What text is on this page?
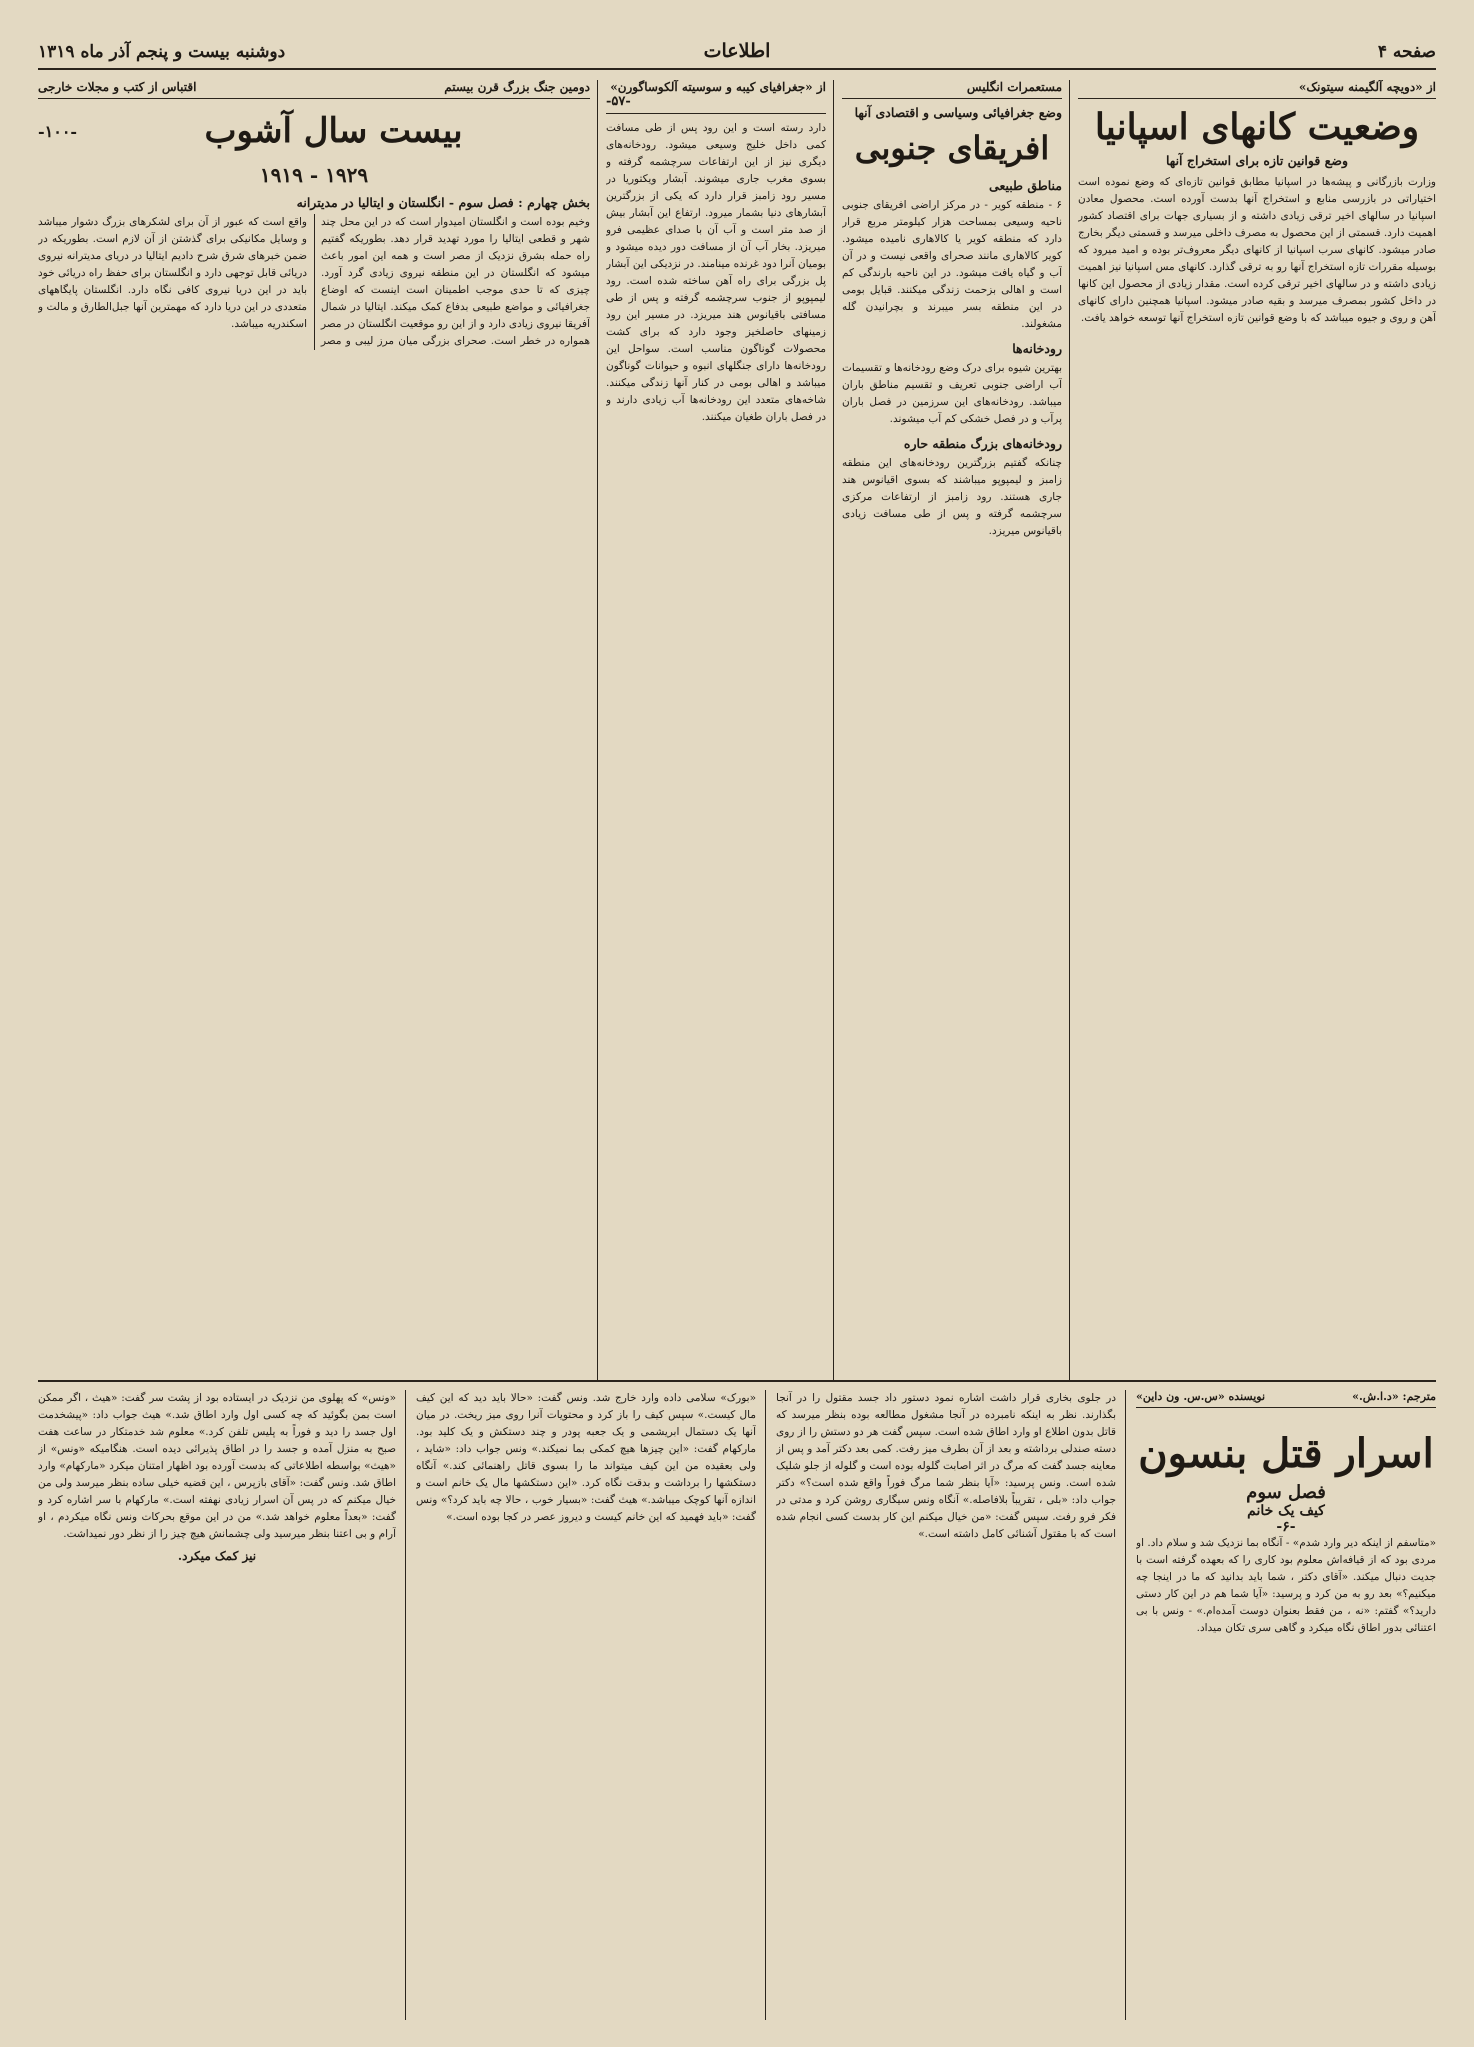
صفحه ۴
اطلاعات
دوشنبه بیست و پنجم آذر ماه ۱۳۱۹
از «دویچه آلگیمنه سیتونک»
وضعیت کانهای اسپانیا
وضع قوانین تازه برای استخراج آنها
وزارت بازرگانی و پیشه‌ها در اسپانیا مطابق قوانین تازه‌ای که وضع نموده است اختیاراتی در بازرسی منابع و استخراج آنها بدست آورده است. محصول معادن اسپانیا در سالهای اخیر ترقی زیادی داشته و از بسیاری جهات برای اقتصاد کشور اهمیت دارد. قسمتی از این محصول به مصرف داخلی میرسد و قسمتی دیگر بخارج صادر میشود. کانهای سرب اسپانیا از کانهای دیگر معروف‌تر بوده و امید میرود که بوسیله مقررات تازه استخراج آنها رو به ترقی گذارد. کانهای مس اسپانیا نیز اهمیت زیادی داشته و در سالهای اخیر ترقی کرده است. مقدار زیادی از محصول این کانها در داخل کشور بمصرف میرسد و بقیه صادر میشود. اسپانیا همچنین دارای کانهای آهن و روی و جیوه میباشد که با وضع قوانین تازه استخراج آنها توسعه خواهد یافت.
مستعمرات انگلیس
وضع جغرافیائی وسیاسی و اقتصادی آنها
افریقای جنوبی
مناطق طبیعی
۶ - منطقه کویر - در مرکز اراضی افریقای جنوبی ناحیه وسیعی بمساحت هزار کیلومتر مربع قرار دارد که منطقه کویر یا کالاهاری نامیده میشود. کویر کالاهاری مانند صحرای واقعی نیست و در آن آب و گیاه یافت میشود. در این ناحیه بارندگی کم است و اهالی بزحمت زندگی میکنند. قبایل بومی در این منطقه بسر میبرند و بچرانیدن گله مشغولند.
رودخانه‌ها
بهترین شیوه برای درک وضع رودخانه‌ها و تقسیمات آب اراضی جنوبی تعریف و تقسیم مناطق باران میباشد. رودخانه‌های این سرزمین در فصل باران پرآب و در فصل خشکی کم آب میشوند.
رودخانه‌های بزرگ منطقه حاره
چنانکه گفتیم بزرگترین رودخانه‌های این منطقه زامبز و لیمپوپو میباشند که بسوی اقیانوس هند جاری هستند. رود زامبز از ارتفاعات مرکزی سرچشمه گرفته و پس از طی مسافت زیادی باقیانوس میریزد.
از «جغرافیای کیبه و سوسیته آلکوساگورن»
-۵۷-
دارد رسته است و این رود پس از طی مسافت کمی داخل خلیج وسیعی میشود. رودخانه‌های دیگری نیز از این ارتفاعات سرچشمه گرفته و بسوی مغرب جاری میشوند. آبشار ویکتوریا در مسیر رود زامبز قرار دارد که یکی از بزرگترین آبشارهای دنیا بشمار میرود. ارتفاع این آبشار بیش از صد متر است و آب آن با صدای عظیمی فرو میریزد. بخار آب آن از مسافت دور دیده میشود و بومیان آنرا دود غرنده مینامند. در نزدیکی این آبشار پل بزرگی برای راه آهن ساخته شده است. رود لیمپوپو از جنوب سرچشمه گرفته و پس از طی مسافتی باقیانوس هند میریزد. در مسیر این رود زمینهای حاصلخیز وجود دارد که برای کشت محصولات گوناگون مناسب است. سواحل این رودخانه‌ها دارای جنگلهای انبوه و حیوانات گوناگون میباشد و اهالی بومی در کنار آنها زندگی میکنند. شاخه‌های متعدد این رودخانه‌ها آب زیادی دارند و در فصل باران طغیان میکنند.
دومین جنگ بزرگ قرن بیستم
اقتباس از کتب و مجلات خارجی
بیست سال آشوب
-۱۰۰-
۱۹۲۹ - ۱۹۱۹
بخش چهارم : فصل سوم - انگلستان و ایتالیا در مدیترانه
وخیم بوده است و انگلستان امیدوار است که در این محل چند شهر و قطعی ایتالیا را مورد تهدید قرار دهد. بطوریکه گفتیم راه حمله بشرق نزدیک از مصر است و همه این امور باعث میشود که انگلستان در این منطقه نیروی زیادی گرد آورد. چیزی که تا حدی موجب اطمینان است اینست که اوضاع جغرافیائی و مواضع طبیعی بدفاع کمک میکند. ایتالیا در شمال آفریقا نیروی زیادی دارد و از این رو موقعیت انگلستان در مصر همواره در خطر است. صحرای بزرگی میان مرز لیبی و مصر واقع است که عبور از آن برای لشکرهای بزرگ دشوار میباشد و وسایل مکانیکی برای گذشتن از آن لازم است. بطوریکه در ضمن خبرهای شرق شرح دادیم ایتالیا در دریای مدیترانه نیروی دریائی قابل توجهی دارد و انگلستان برای حفظ راه دریائی خود باید در این دریا نیروی کافی نگاه دارد. انگلستان پایگاههای متعددی در این دریا دارد که مهمترین آنها جبل‌الطارق و مالت و اسکندریه میباشد.
مترجم: «د.ا.ش.»
نویسنده «س.س. ون داین»
اسرار قتل بنسون
فصل سوم
کیف یک خانم
-۶-
«متاسفم از اینکه دیر وارد شدم» - آنگاه بما نزدیک شد و سلام داد. او مردی بود که از قیافه‌اش معلوم بود کاری را که بعهده گرفته است با جدیت دنبال میکند. «آقای دکتر ، شما باید بدانید که ما در اینجا چه میکنیم؟» بعد رو به من کرد و پرسید: «آیا شما هم در این کار دستی دارید؟» گفتم: «نه ، من فقط بعنوان دوست آمده‌ام.» - ونس با بی اعتنائی بدور اطاق نگاه میکرد و گاهی سری تکان میداد.
در جلوی بخاری قرار داشت اشاره نمود دستور داد جسد مقتول را در آنجا بگذارند. نظر به اینکه نامبرده در آنجا مشغول مطالعه بوده بنظر میرسد که قاتل بدون اطلاع او وارد اطاق شده است. سپس گفت هر دو دستش را از روی دسته صندلی برداشته و بعد از آن بطرف میز رفت. کمی بعد دکتر آمد و پس از معاینه جسد گفت که مرگ در اثر اصابت گلوله بوده است و گلوله از جلو شلیک شده است. ونس پرسید: «آیا بنظر شما مرگ فوراً واقع شده است؟» دکتر جواب داد: «بلی ، تقریباً بلافاصله.» آنگاه ونس سیگاری روشن کرد و مدتی در فکر فرو رفت. سپس گفت: «من خیال میکنم این کار بدست کسی انجام شده است که با مقتول آشنائی کامل داشته است.»
«بورک» سلامی داده وارد خارج شد. ونس گفت: «حالا باید دید که این کیف مال کیست.» سپس کیف را باز کرد و محتویات آنرا روی میز ریخت. در میان آنها یک دستمال ابریشمی و یک جعبه پودر و چند دستکش و یک کلید بود. مارکهام گفت: «این چیزها هیچ کمکی بما نمیکند.» ونس جواب داد: «شاید ، ولی بعقیده من این کیف میتواند ما را بسوی قاتل راهنمائی کند.» آنگاه دستکشها را برداشت و بدقت نگاه کرد. «این دستکشها مال یک خانم است و اندازه آنها کوچک میباشد.» هیث گفت: «بسیار خوب ، حالا چه باید کرد؟» ونس گفت: «باید فهمید که این خانم کیست و دیروز عصر در کجا بوده است.»
«ونس» که پهلوی من نزدیک در ایستاده بود از پشت سر گفت: «هیث ، اگر ممکن است بمن بگوئید که چه کسی اول وارد اطاق شد.» هیث جواب داد: «پیشخدمت اول جسد را دید و فوراً به پلیس تلفن کرد.» معلوم شد خدمتکار در ساعت هفت صبح به منزل آمده و جسد را در اطاق پذیرائی دیده است. هنگامیکه «ونس» از «هیث» بواسطه اطلاعاتی که بدست آورده بود اظهار امتنان میکرد «مارکهام» وارد اطاق شد. ونس گفت: «آقای بازپرس ، این قضیه خیلی ساده بنظر میرسد ولی من خیال میکنم که در پس آن اسرار زیادی نهفته است.» مارکهام با سر اشاره کرد و گفت: «بعداً معلوم خواهد شد.» من در این موقع بحرکات ونس نگاه میکردم ، او آرام و بی اعتنا بنظر میرسید ولی چشمانش هیچ چیز را از نظر دور نمیداشت.
نیز کمک میکرد.
